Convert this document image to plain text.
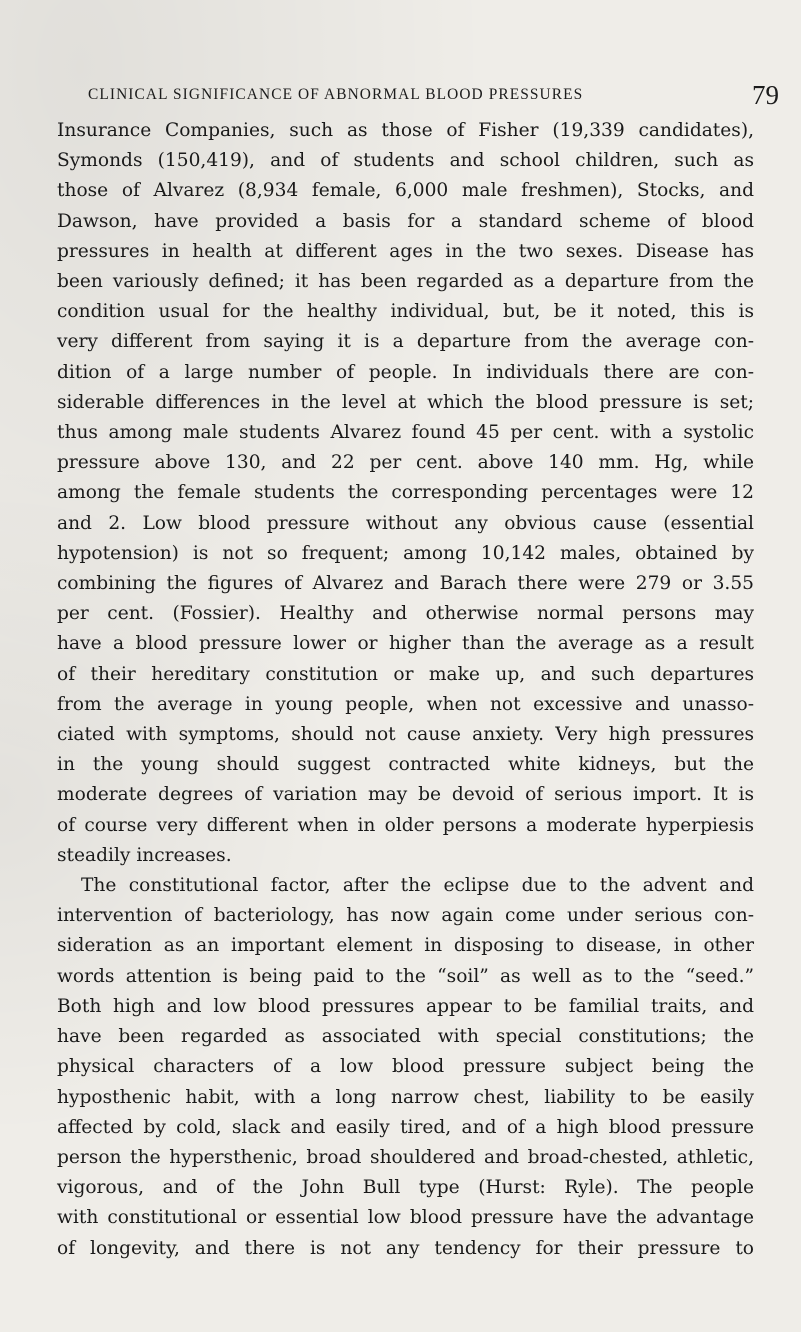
CLINICAL SIGNIFICANCE OF ABNORMAL BLOOD PRESSURES	79
Insurance Companies, such as those of Fisher (19,339 candidates),
Symonds (150,419), and of students and school children, such as
those of Alvarez (8,934 female, 6,000 male freshmen), Stocks, and
Dawson, have provided a basis for a standard scheme of blood
pressures in health at different ages in the two sexes. Disease has
been variously defined; it has been regarded as a departure from the
condition usual for the healthy individual, but, be it noted, this is
very different from saying it is a departure from the average con-
dition of a large number of people. In individuals there are con-
siderable differences in the level at which the blood pressure is set;
thus among male students Alvarez found 45 per cent. with a systolic
pressure above 130, and 22 per cent. above 140 mm. Hg, while
among the female students the corresponding percentages were 12
and 2. Low blood pressure without any obvious cause (essential
hypotension) is not so frequent; among 10,142 males, obtained by
combining the figures of Alvarez and Barach there were 279 or 3.55
per cent. (Fossier). Healthy and otherwise normal persons may
have a blood pressure lower or higher than the average as a result
of their hereditary constitution or make up, and such departures
from the average in young people, when not excessive and unasso-
ciated with symptoms, should not cause anxiety. Very high pressures
in the young should suggest contracted white kidneys, but the
moderate degrees of variation may be devoid of serious import. It is
of course very different when in older persons a moderate hyperpiesis
steadily increases.
The constitutional factor, after the eclipse due to the advent and
intervention of bacteriology, has now again come under serious con-
sideration as an important element in disposing to disease, in other
words attention is being paid to the “soil” as well as to the “seed.”
Both high and low blood pressures appear to be familial traits, and
have been regarded as associated with special constitutions; the
physical characters of a low blood pressure subject being the
hyposthenic habit, with a long narrow chest, liability to be easily
affected by cold, slack and easily tired, and of a high blood pressure
person the hypersthenic, broad shouldered and broad-chested, athletic,
vigorous, and of the John Bull type (Hurst: Ryle). The people
with constitutional or essential low blood pressure have the advantage
of longevity, and there is not any tendency for their pressure to
